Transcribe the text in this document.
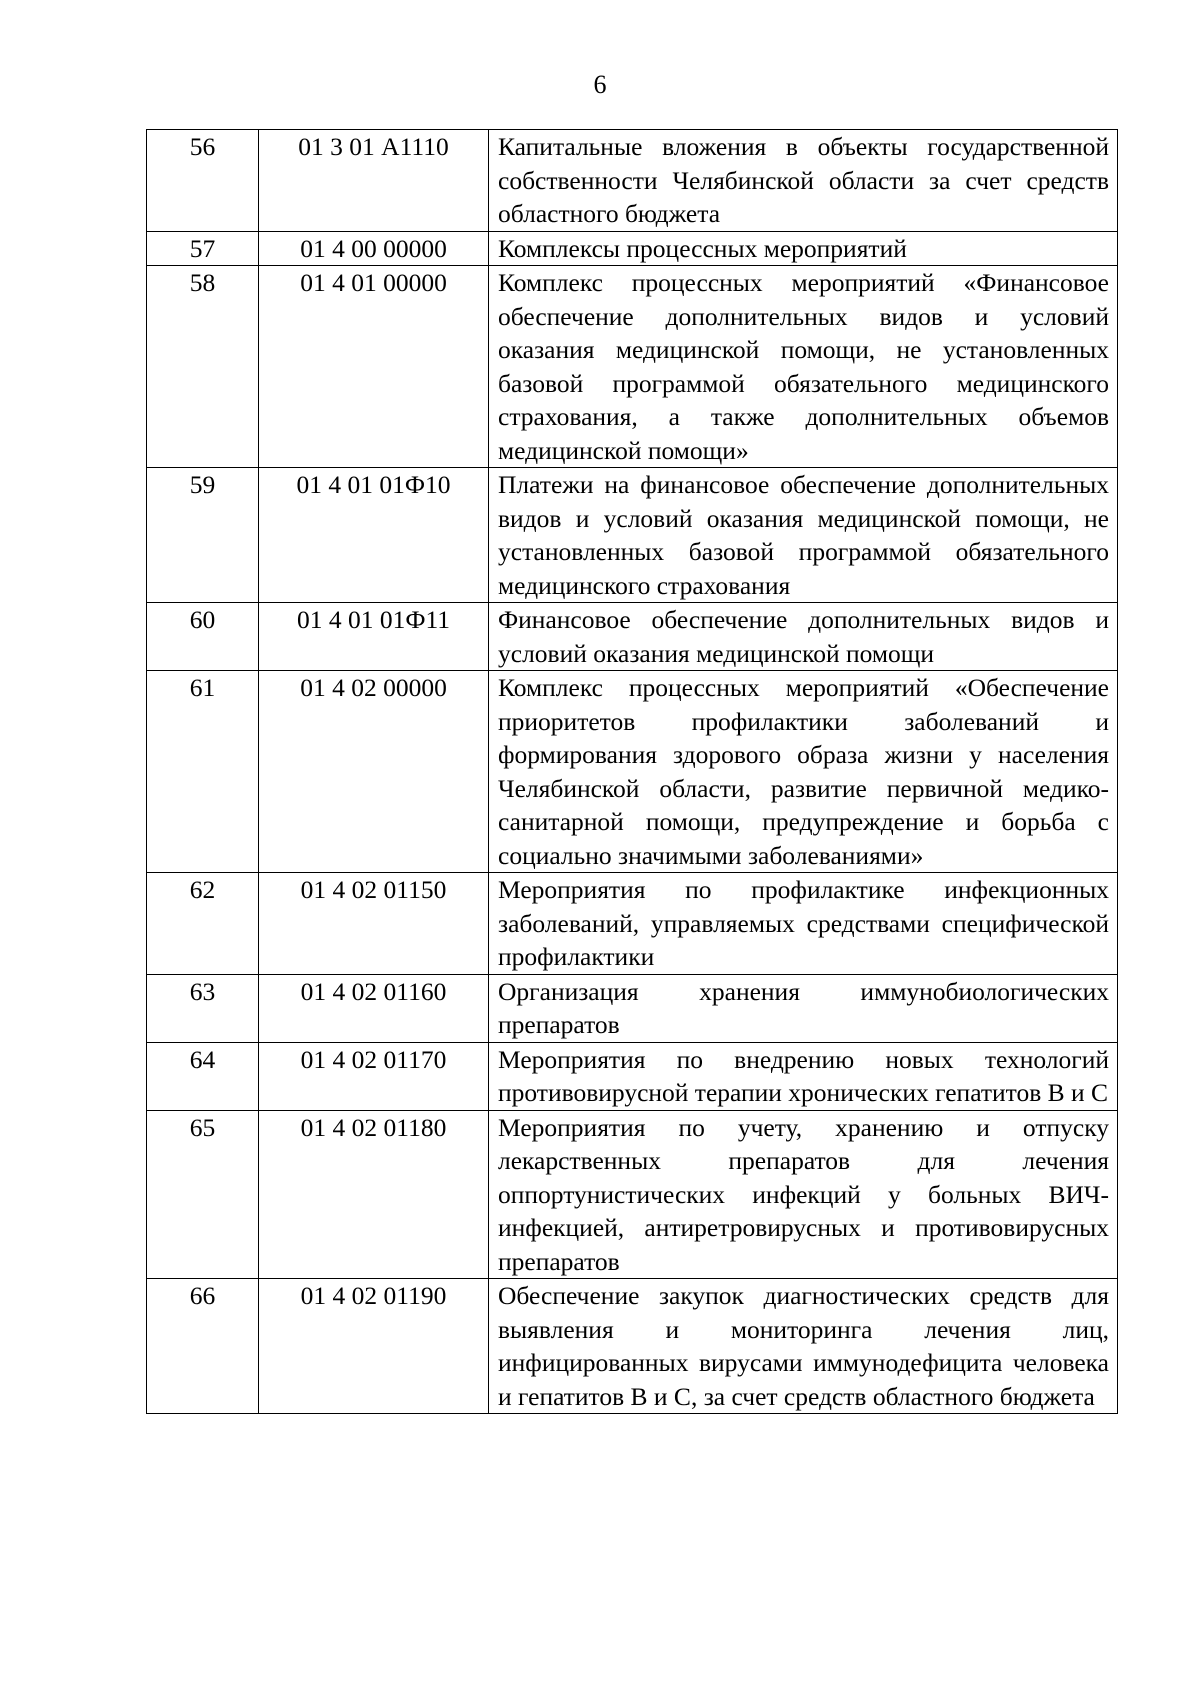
6
56	01 3 01 А1110	Капитальные вложения в объекты государственной собственности Челябинской области за счет средств областного бюджета
57	01 4 00 00000	Комплексы процессных мероприятий
58	01 4 01 00000	Комплекс процессных мероприятий «Финансовое обеспечение дополнительных видов и условий оказания медицинской помощи, не установленных базовой программой обязательного медицинского страхования, а также дополнительных объемов медицинской помощи»
59	01 4 01 01Ф10	Платежи на финансовое обеспечение дополнительных видов и условий оказания медицинской помощи, не установленных базовой программой обязательного медицинского страхования
60	01 4 01 01Ф11	Финансовое обеспечение дополнительных видов и условий оказания медицинской помощи
61	01 4 02 00000	Комплекс процессных мероприятий «Обеспечение приоритетов профилактики заболеваний и формирования здорового образа жизни у населения Челябинской области, развитие первичной медико-санитарной помощи, предупреждение и борьба с социально значимыми заболеваниями»
62	01 4 02 01150	Мероприятия по профилактике инфекционных заболеваний, управляемых средствами специфической профилактики
63	01 4 02 01160	Организация хранения иммунобиологических препаратов
64	01 4 02 01170	Мероприятия по внедрению новых технологий противовирусной терапии хронических гепатитов В и С
65	01 4 02 01180	Мероприятия по учету, хранению и отпуску лекарственных препаратов для лечения оппортунистических инфекций у больных ВИЧ-инфекцией, антиретровирусных и противовирусных препаратов
66	01 4 02 01190	Обеспечение закупок диагностических средств для выявления и мониторинга лечения лиц, инфицированных вирусами иммунодефицита человека и гепатитов В и С, за счет средств областного бюджета
